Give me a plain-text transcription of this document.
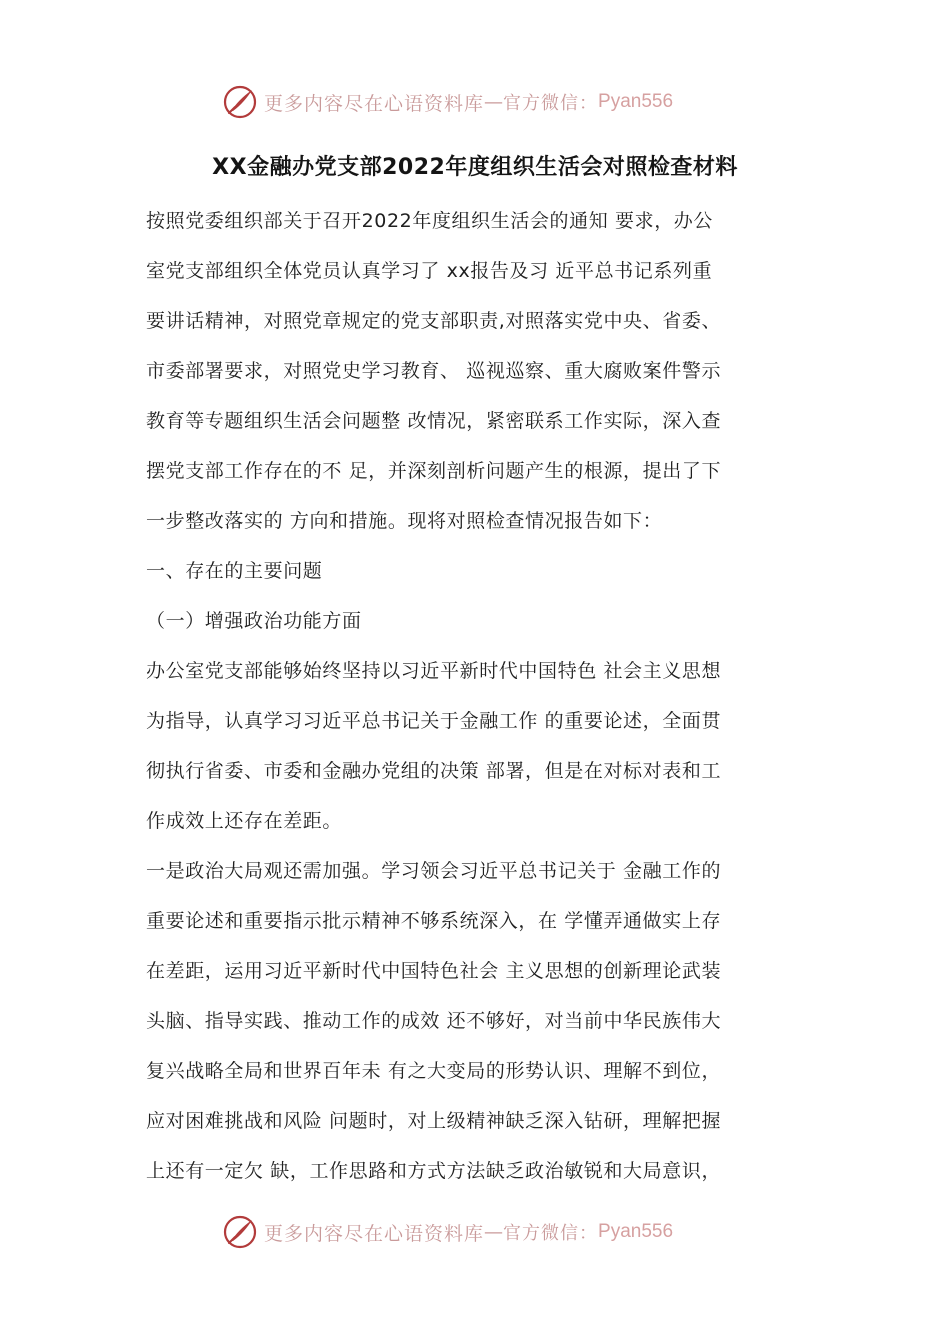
更多内容尽在心语资料库 — 官方微信： Pyan556
XX金融办党支部2022年度组织生活会对照检查材料
按照党委组织部关于召开2022年度组织生活会的通知 要求，办公
室党支部组织全体党员认真学习了 xx报告及习 近平总书记系列重
要讲话精神，对照党章规定的党支部职责,对照落实党中央、省委、
市委部署要求，对照党史学习教育、 巡视巡察、重大腐败案件警示
教育等专题组织生活会问题整 改情况，紧密联系工作实际，深入查
摆党支部工作存在的不 足，并深刻剖析问题产生的根源，提出了下
一步整改落实的 方向和措施。现将对照检查情况报告如下：
一、存在的主要问题
（一）增强政治功能方面
办公室党支部能够始终坚持以习近平新时代中国特色 社会主义思想
为指导，认真学习习近平总书记关于金融工作 的重要论述，全面贯
彻执行省委、市委和金融办党组的决策 部署，但是在对标对表和工
作成效上还存在差距。
一是政治大局观还需加强。学习领会习近平总书记关于 金融工作的
重要论述和重要指示批示精神不够系统深入，在 学懂弄通做实上存
在差距，运用习近平新时代中国特色社会 主义思想的创新理论武装
头脑、指导实践、推动工作的成效 还不够好，对当前中华民族伟大
复兴战略全局和世界百年未 有之大变局的形势认识、理解不到位，
应对困难挑战和风险 问题时，对上级精神缺乏深入钻研，理解把握
上还有一定欠 缺，工作思路和方式方法缺乏政治敏锐和大局意识，
更多内容尽在心语资料库 — 官方微信： Pyan556
